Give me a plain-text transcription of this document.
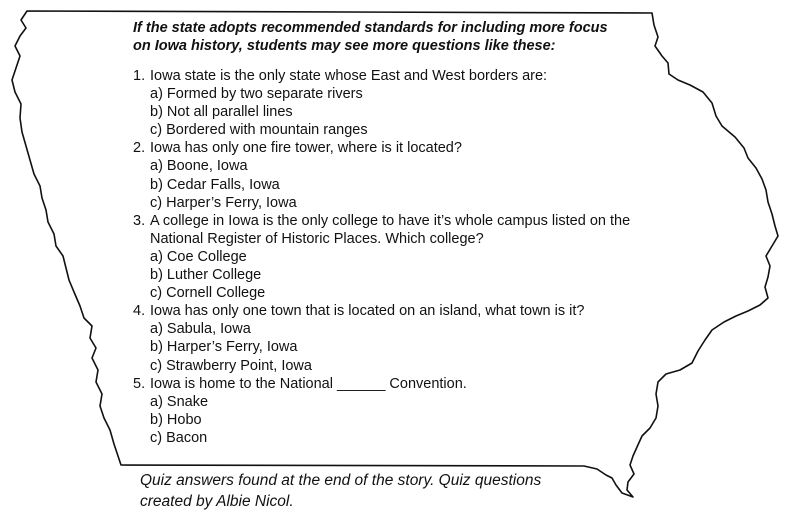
If the state adopts recommended standards for including more focus
on Iowa history, students may see more questions like these:

1. Iowa state is the only state whose East and West borders are:
a) Formed by two separate rivers
b) Not all parallel lines
c) Bordered with mountain ranges
2. Iowa has only one fire tower, where is it located?
a) Boone, Iowa
b) Cedar Falls, Iowa
c) Harper’s Ferry, Iowa
3. A college in Iowa is the only college to have it’s whole campus listed on the
National Register of Historic Places. Which college?
a) Coe College
b) Luther College
c) Cornell College
4. Iowa has only one town that is located on an island, what town is it?
a) Sabula, Iowa
b) Harper’s Ferry, Iowa
c) Strawberry Point, Iowa
5. Iowa is home to the National ______ Convention.
a) Snake
b) Hobo
c) Bacon

Quiz answers found at the end of the story. Quiz questions
created by Albie Nicol.
